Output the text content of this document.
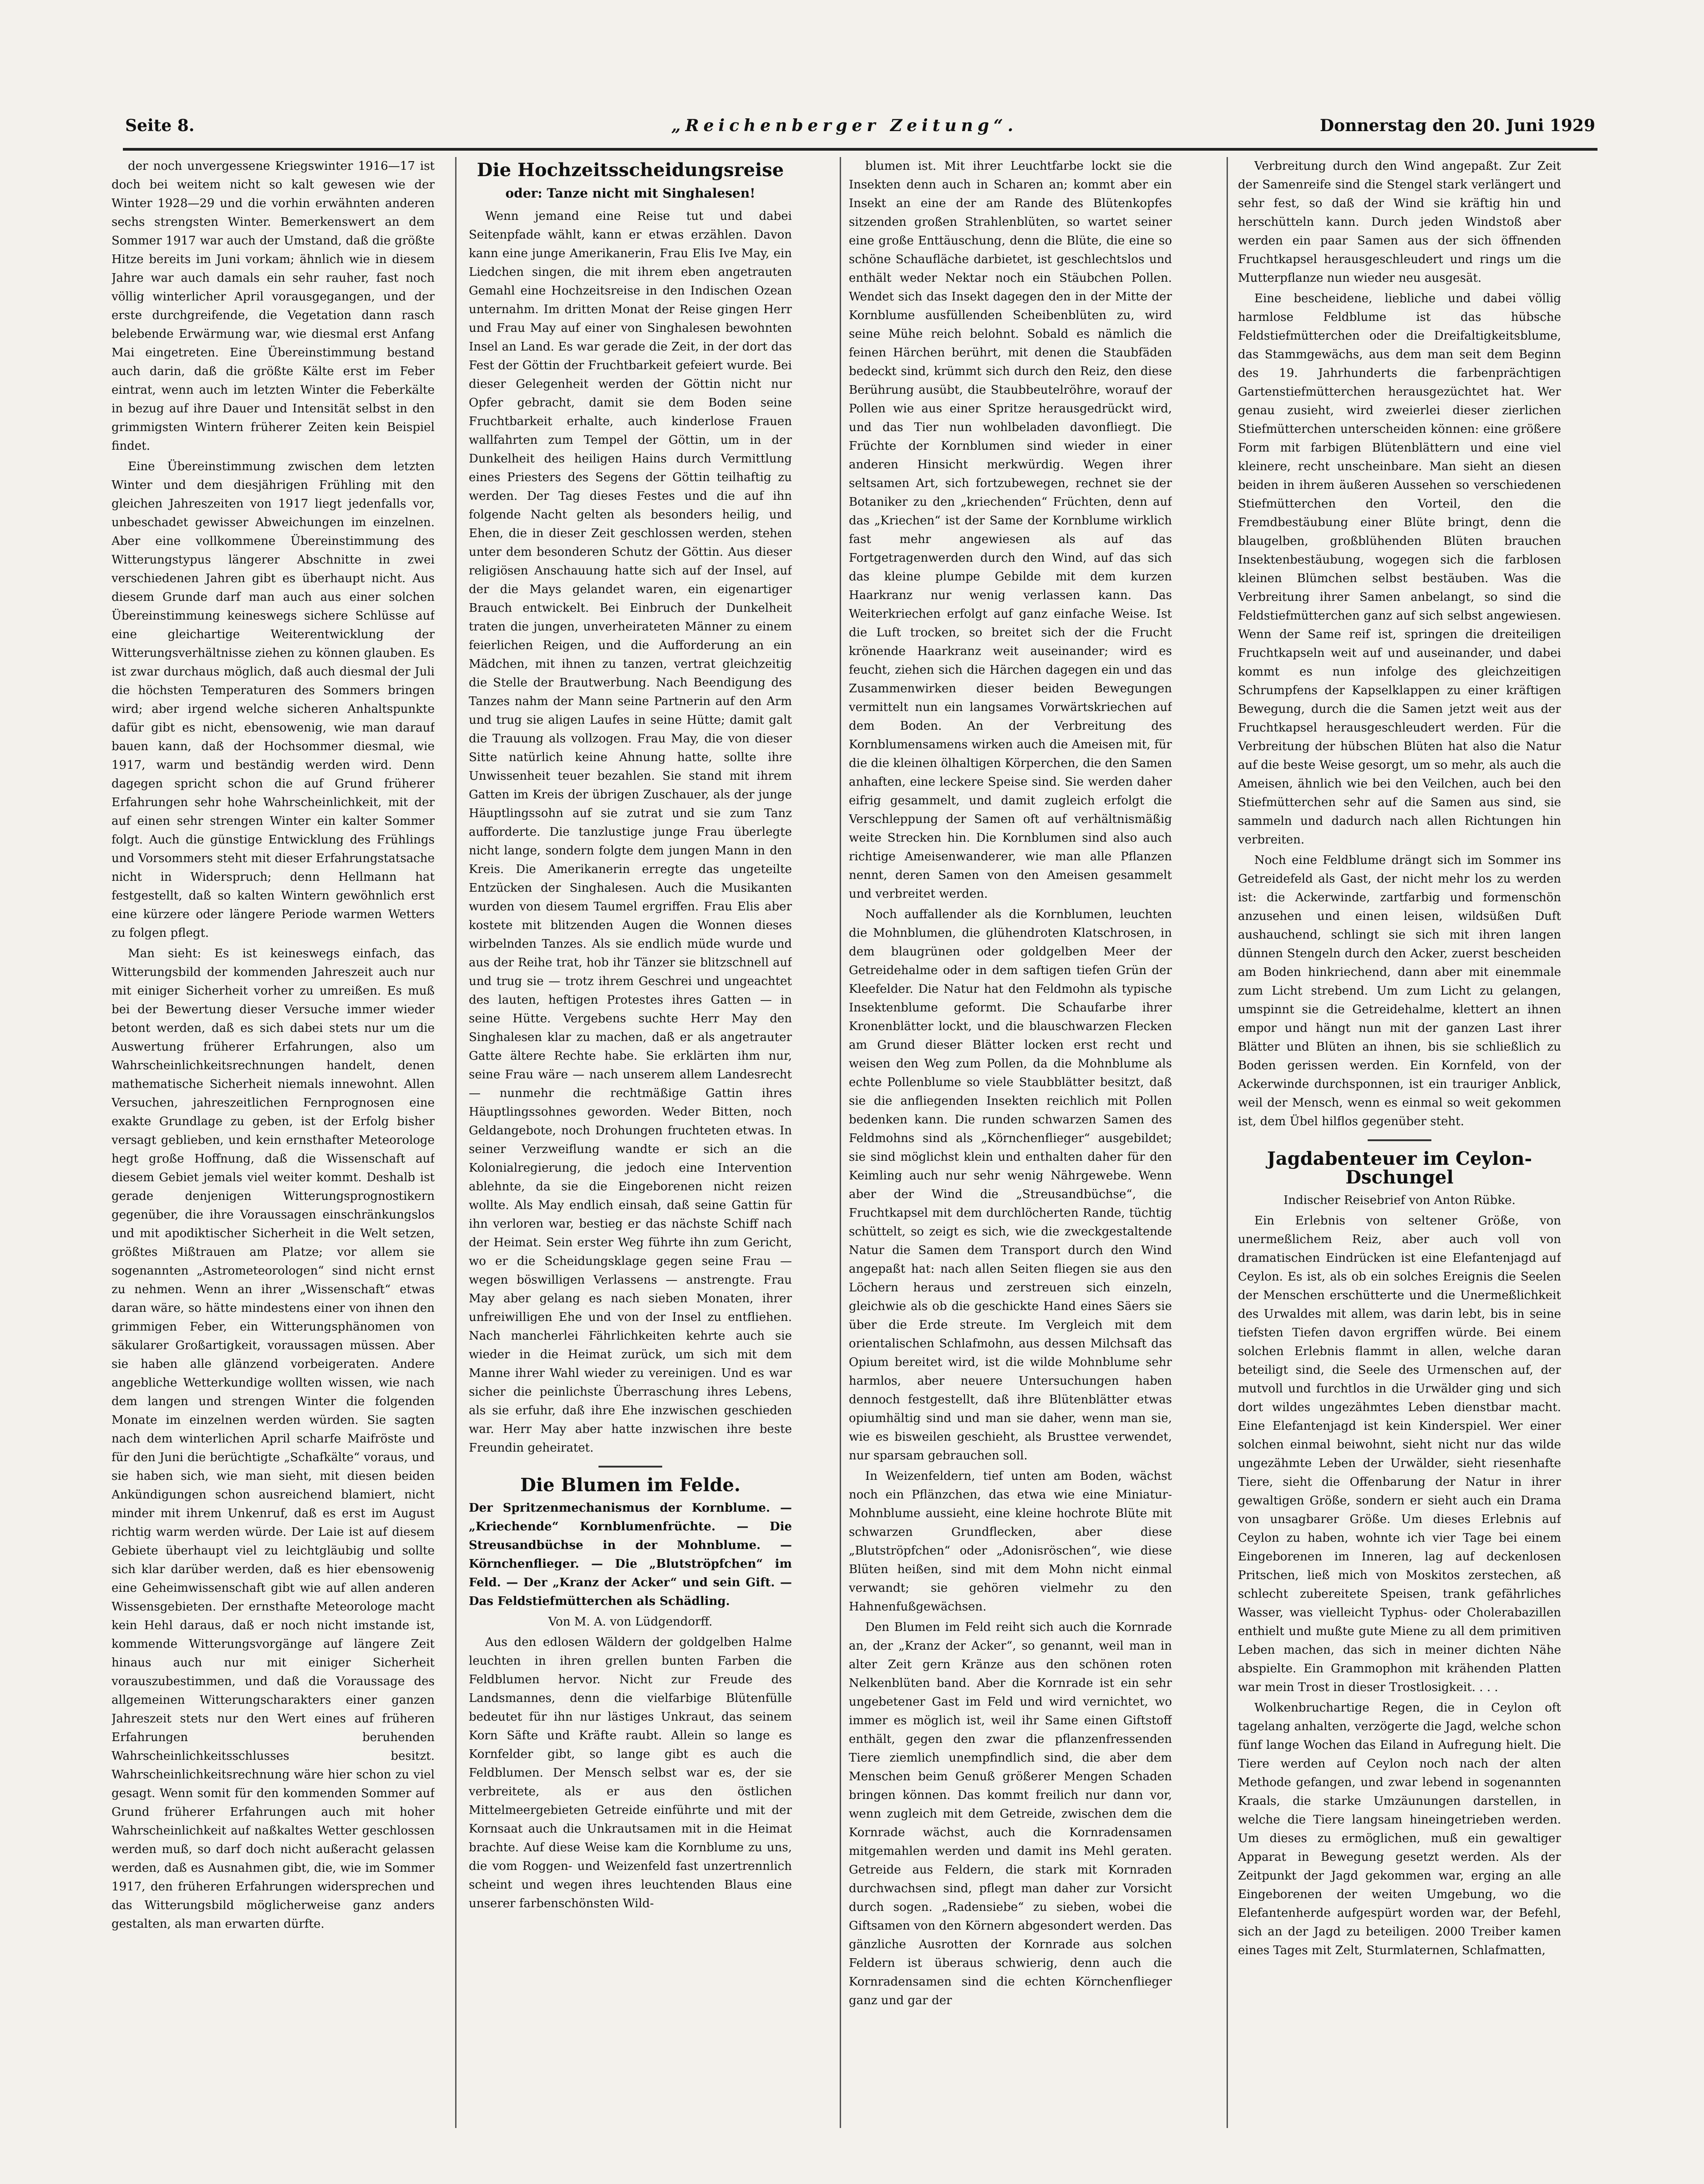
Seite 8.	„Reichenberger Zeitung“.	Donnerstag den 20. Juni 1929

der noch unvergessene Kriegswinter 1916—17 ist doch bei weitem nicht so kalt gewesen wie der Winter 1928—29 und die vorhin erwähnten anderen sechs strengsten Winter. Bemerkenswert an dem Sommer 1917 war auch der Umstand, daß die größte Hitze bereits im Juni vorkam; ähnlich wie in diesem Jahre war auch damals ein sehr rauher, fast noch völlig winterlicher April vorausgegangen, und der erste durchgreifende, die Vegetation dann rasch belebende Erwärmung war, wie diesmal erst Anfang Mai eingetreten. Eine Übereinstimmung bestand auch darin, daß die größte Kälte erst im Feber eintrat, wenn auch im letzten Winter die Feberkälte in bezug auf ihre Dauer und Intensität selbst in den grimmigsten Wintern früherer Zeiten kein Beispiel findet.

Eine Übereinstimmung zwischen dem letzten Winter und dem diesjährigen Frühling mit den gleichen Jahreszeiten von 1917 liegt jedenfalls vor, unbeschadet gewisser Abweichungen im einzelnen. Aber eine vollkommene Übereinstimmung des Witterungstypus längerer Abschnitte in zwei verschiedenen Jahren gibt es überhaupt nicht. Aus diesem Grunde darf man auch aus einer solchen Übereinstimmung keineswegs sichere Schlüsse auf eine gleichartige Weiterentwicklung der Witterungsverhältnisse ziehen zu können glauben. Es ist zwar durchaus möglich, daß auch diesmal der Juli die höchsten Temperaturen des Sommers bringen wird; aber irgend welche sicheren Anhaltspunkte dafür gibt es nicht, ebensowenig, wie man darauf bauen kann, daß der Hochsommer diesmal, wie 1917, warm und beständig werden wird. Denn dagegen spricht schon die auf Grund früherer Erfahrungen sehr hohe Wahrscheinlichkeit, mit der auf einen sehr strengen Winter ein kalter Sommer folgt. Auch die günstige Entwicklung des Frühlings und Vorsommers steht mit dieser Erfahrungstatsache nicht in Widerspruch; denn Hellmann hat festgestellt, daß so kalten Wintern gewöhnlich erst eine kürzere oder längere Periode warmen Wetters zu folgen pflegt.

Man sieht: Es ist keineswegs einfach, das Witterungsbild der kommenden Jahreszeit auch nur mit einiger Sicherheit vorher zu umreißen. Es muß bei der Bewertung dieser Versuche immer wieder betont werden, daß es sich dabei stets nur um die Auswertung früherer Erfahrungen, also um Wahrscheinlichkeitsrechnungen handelt, denen mathematische Sicherheit niemals innewohnt. Allen Versuchen, jahreszeitlichen Fernprognosen eine exakte Grundlage zu geben, ist der Erfolg bisher versagt geblieben, und kein ernsthafter Meteorologe hegt große Hoffnung, daß die Wissenschaft auf diesem Gebiet jemals viel weiter kommt. Deshalb ist gerade denjenigen Witterungsprognostikern gegenüber, die ihre Voraussagen einschränkungslos und mit apodiktischer Sicherheit in die Welt setzen, größtes Mißtrauen am Platze; vor allem sie sogenannten „Astrometeorologen“ sind nicht ernst zu nehmen. Wenn an ihrer „Wissenschaft“ etwas daran wäre, so hätte mindestens einer von ihnen den grimmigen Feber, ein Witterungsphänomen von säkularer Großartigkeit, voraussagen müssen. Aber sie haben alle glänzend vorbeigeraten. Andere angebliche Wetterkundige wollten wissen, wie nach dem langen und strengen Winter die folgenden Monate im einzelnen werden würden. Sie sagten nach dem winterlichen April scharfe Maifröste und für den Juni die berüchtigte „Schafkälte“ voraus, und sie haben sich, wie man sieht, mit diesen beiden Ankündigungen schon ausreichend blamiert, nicht minder mit ihrem Unkenruf, daß es erst im August richtig warm werden würde. Der Laie ist auf diesem Gebiete überhaupt viel zu leichtgläubig und sollte sich klar darüber werden, daß es hier ebensowenig eine Geheimwissenschaft gibt wie auf allen anderen Wissensgebieten. Der ernsthafte Meteorologe macht kein Hehl daraus, daß er noch nicht imstande ist, kommende Witterungsvorgänge auf längere Zeit hinaus auch nur mit einiger Sicherheit vorauszubestimmen, und daß die Voraussage des allgemeinen Witterungscharakters einer ganzen Jahreszeit stets nur den Wert eines auf früheren Erfahrungen beruhenden Wahrscheinlichkeitsschlusses besitzt. Wahrscheinlichkeitsrechnung wäre hier schon zu viel gesagt. Wenn somit für den kommenden Sommer auf Grund früherer Erfahrungen auch mit hoher Wahrscheinlichkeit auf naßkaltes Wetter geschlossen werden muß, so darf doch nicht außeracht gelassen werden, daß es Ausnahmen gibt, die, wie im Sommer 1917, den früheren Erfahrungen widersprechen und das Witterungsbild möglicherweise ganz anders gestalten, als man erwarten dürfte.

Die Hochzeitsscheidungsreise
oder: Tanze nicht mit Singhalesen!

Wenn jemand eine Reise tut und dabei Seitenpfade wählt, kann er etwas erzählen. Davon kann eine junge Amerikanerin, Frau Elis Ive May, ein Liedchen singen, die mit ihrem eben angetrauten Gemahl eine Hochzeitsreise in den Indischen Ozean unternahm. Im dritten Monat der Reise gingen Herr und Frau May auf einer von Singhalesen bewohnten Insel an Land. Es war gerade die Zeit, in der dort das Fest der Göttin der Fruchtbarkeit gefeiert wurde. Bei dieser Gelegenheit werden der Göttin nicht nur Opfer gebracht, damit sie dem Boden seine Fruchtbarkeit erhalte, auch kinderlose Frauen wallfahrten zum Tempel der Göttin, um in der Dunkelheit des heiligen Hains durch Vermittlung eines Priesters des Segens der Göttin teilhaftig zu werden. Der Tag dieses Festes und die auf ihn folgende Nacht gelten als besonders heilig, und Ehen, die in dieser Zeit geschlossen werden, stehen unter dem besonderen Schutz der Göttin. Aus dieser religiösen Anschauung hatte sich auf der Insel, auf der die Mays gelandet waren, ein eigenartiger Brauch entwickelt. Bei Einbruch der Dunkelheit traten die jungen, unverheirateten Männer zu einem feierlichen Reigen, und die Aufforderung an ein Mädchen, mit ihnen zu tanzen, vertrat gleichzeitig die Stelle der Brautwerbung. Nach Beendigung des Tanzes nahm der Mann seine Partnerin auf den Arm und trug sie aligen Laufes in seine Hütte; damit galt die Trauung als vollzogen. Frau May, die von dieser Sitte natürlich keine Ahnung hatte, sollte ihre Unwissenheit teuer bezahlen. Sie stand mit ihrem Gatten im Kreis der übrigen Zuschauer, als der junge Häuptlingssohn auf sie zutrat und sie zum Tanz aufforderte. Die tanzlustige junge Frau überlegte nicht lange, sondern folgte dem jungen Mann in den Kreis. Die Amerikanerin erregte das ungeteilte Entzücken der Singhalesen. Auch die Musikanten wurden von diesem Taumel ergriffen. Frau Elis aber kostete mit blitzenden Augen die Wonnen dieses wirbelnden Tanzes. Als sie endlich müde wurde und aus der Reihe trat, hob ihr Tänzer sie blitzschnell auf und trug sie — trotz ihrem Geschrei und ungeachtet des lauten, heftigen Protestes ihres Gatten — in seine Hütte. Vergebens suchte Herr May den Singhalesen klar zu machen, daß er als angetrauter Gatte ältere Rechte habe. Sie erklärten ihm nur, seine Frau wäre — nach unserem allem Landesrecht — nunmehr die rechtmäßige Gattin ihres Häuptlingssohnes geworden. Weder Bitten, noch Geldangebote, noch Drohungen fruchteten etwas. In seiner Verzweiflung wandte er sich an die Kolonialregierung, die jedoch eine Intervention ablehnte, da sie die Eingeborenen nicht reizen wollte. Als May endlich einsah, daß seine Gattin für ihn verloren war, bestieg er das nächste Schiff nach der Heimat. Sein erster Weg führte ihn zum Gericht, wo er die Scheidungsklage gegen seine Frau — wegen böswilligen Verlassens — anstrengte. Frau May aber gelang es nach sieben Monaten, ihrer unfreiwilligen Ehe und von der Insel zu entfliehen. Nach mancherlei Fährlichkeiten kehrte auch sie wieder in die Heimat zurück, um sich mit dem Manne ihrer Wahl wieder zu vereinigen. Und es war sicher die peinlichste Überraschung ihres Lebens, als sie erfuhr, daß ihre Ehe inzwischen geschieden war. Herr May aber hatte inzwischen ihre beste Freundin geheiratet.

Die Blumen im Felde.

Der Spritzenmechanismus der Kornblume. — „Kriechende“ Kornblumenfrüchte. — Die Streusandbüchse in der Mohnblume. — Körnchenflieger. — Die „Blutströpfchen“ im Feld. — Der „Kranz der Acker“ und sein Gift. — Das Feldstiefmütterchen als Schädling.

Von M. A. von Lüdgendorff.

Aus den edlosen Wäldern der goldgelben Halme leuchten in ihren grellen bunten Farben die Feldblumen hervor. Nicht zur Freude des Landsmannes, denn die vielfarbige Blütenfülle bedeutet für ihn nur lästiges Unkraut, das seinem Korn Säfte und Kräfte raubt. Allein so lange es Kornfelder gibt, so lange gibt es auch die Feldblumen. Der Mensch selbst war es, der sie verbreitete, als er aus den östlichen Mittelmeergebieten Getreide einführte und mit der Kornsaat auch die Unkrautsamen mit in die Heimat brachte. Auf diese Weise kam die Kornblume zu uns, die vom Roggen- und Weizenfeld fast unzertrennlich scheint und wegen ihres leuchtenden Blaus eine unserer farbenschönsten Wild-

blumen ist. Mit ihrer Leuchtfarbe lockt sie die Insekten denn auch in Scharen an; kommt aber ein Insekt an eine der am Rande des Blütenkopfes sitzenden großen Strahlenblüten, so wartet seiner eine große Enttäuschung, denn die Blüte, die eine so schöne Schaufläche darbietet, ist geschlechtslos und enthält weder Nektar noch ein Stäubchen Pollen. Wendet sich das Insekt dagegen den in der Mitte der Kornblume ausfüllenden Scheibenblüten zu, wird seine Mühe reich belohnt. Sobald es nämlich die feinen Härchen berührt, mit denen die Staubfäden bedeckt sind, krümmt sich durch den Reiz, den diese Berührung ausübt, die Staubbeutelröhre, worauf der Pollen wie aus einer Spritze herausgedrückt wird, und das Tier nun wohlbeladen davonfliegt. Die Früchte der Kornblumen sind wieder in einer anderen Hinsicht merkwürdig. Wegen ihrer seltsamen Art, sich fortzubewegen, rechnet sie der Botaniker zu den „kriechenden“ Früchten, denn auf das „Kriechen“ ist der Same der Kornblume wirklich fast mehr angewiesen als auf das Fortgetragenwerden durch den Wind, auf das sich das kleine plumpe Gebilde mit dem kurzen Haarkranz nur wenig verlassen kann. Das Weiterkriechen erfolgt auf ganz einfache Weise. Ist die Luft trocken, so breitet sich der die Frucht krönende Haarkranz weit auseinander; wird es feucht, ziehen sich die Härchen dagegen ein und das Zusammenwirken dieser beiden Bewegungen vermittelt nun ein langsames Vorwärtskriechen auf dem Boden. An der Verbreitung des Kornblumensamens wirken auch die Ameisen mit, für die die kleinen ölhaltigen Körperchen, die den Samen anhaften, eine leckere Speise sind. Sie werden daher eifrig gesammelt, und damit zugleich erfolgt die Verschleppung der Samen oft auf verhältnismäßig weite Strecken hin. Die Kornblumen sind also auch richtige Ameisenwanderer, wie man alle Pflanzen nennt, deren Samen von den Ameisen gesammelt und verbreitet werden.

Noch auffallender als die Kornblumen, leuchten die Mohnblumen, die glühendroten Klatschrosen, in dem blaugrünen oder goldgelben Meer der Getreidehalme oder in dem saftigen tiefen Grün der Kleefelder. Die Natur hat den Feldmohn als typische Insektenblume geformt. Die Schaufarbe ihrer Kronenblätter lockt, und die blauschwarzen Flecken am Grund dieser Blätter locken erst recht und weisen den Weg zum Pollen, da die Mohnblume als echte Pollenblume so viele Staubblätter besitzt, daß sie die anfliegenden Insekten reichlich mit Pollen bedenken kann. Die runden schwarzen Samen des Feldmohns sind als „Körnchenflieger“ ausgebildet; sie sind möglichst klein und enthalten daher für den Keimling auch nur sehr wenig Nährgewebe. Wenn aber der Wind die „Streusandbüchse“, die Fruchtkapsel mit dem durchlöcherten Rande, tüchtig schüttelt, so zeigt es sich, wie die zweckgestaltende Natur die Samen dem Transport durch den Wind angepaßt hat: nach allen Seiten fliegen sie aus den Löchern heraus und zerstreuen sich einzeln, gleichwie als ob die geschickte Hand eines Säers sie über die Erde streute. Im Vergleich mit dem orientalischen Schlafmohn, aus dessen Milchsaft das Opium bereitet wird, ist die wilde Mohnblume sehr harmlos, aber neuere Untersuchungen haben dennoch festgestellt, daß ihre Blütenblätter etwas opiumhältig sind und man sie daher, wenn man sie, wie es bisweilen geschieht, als Brusttee verwendet, nur sparsam gebrauchen soll.

In Weizenfeldern, tief unten am Boden, wächst noch ein Pflänzchen, das etwa wie eine Miniatur-Mohnblume aussieht, eine kleine hochrote Blüte mit schwarzen Grundflecken, aber diese „Blutströpfchen“ oder „Adonisröschen“, wie diese Blüten heißen, sind mit dem Mohn nicht einmal verwandt; sie gehören vielmehr zu den Hahnenfußgewächsen.

Den Blumen im Feld reiht sich auch die Kornrade an, der „Kranz der Acker“, so genannt, weil man in alter Zeit gern Kränze aus den schönen roten Nelkenblüten band. Aber die Kornrade ist ein sehr ungebetener Gast im Feld und wird vernichtet, wo immer es möglich ist, weil ihr Same einen Giftstoff enthält, gegen den zwar die pflanzenfressenden Tiere ziemlich unempfindlich sind, die aber dem Menschen beim Genuß größerer Mengen Schaden bringen können. Das kommt freilich nur dann vor, wenn zugleich mit dem Getreide, zwischen dem die Kornrade wächst, auch die Kornradensamen mitgemahlen werden und damit ins Mehl geraten. Getreide aus Feldern, die stark mit Kornraden durchwachsen sind, pflegt man daher zur Vorsicht durch sogen. „Radensiebe“ zu sieben, wobei die Giftsamen von den Körnern abgesondert werden. Das gänzliche Ausrotten der Kornrade aus solchen Feldern ist überaus schwierig, denn auch die Kornradensamen sind die echten Körnchenflieger ganz und gar der

Verbreitung durch den Wind angepaßt. Zur Zeit der Samenreife sind die Stengel stark verlängert und sehr fest, so daß der Wind sie kräftig hin und herschütteln kann. Durch jeden Windstoß aber werden ein paar Samen aus der sich öffnenden Fruchtkapsel herausgeschleudert und rings um die Mutterpflanze nun wieder neu ausgesät.

Eine bescheidene, liebliche und dabei völlig harmlose Feldblume ist das hübsche Feldstiefmütterchen oder die Dreifaltigkeitsblume, das Stammgewächs, aus dem man seit dem Beginn des 19. Jahrhunderts die farbenprächtigen Gartenstiefmütterchen herausgezüchtet hat. Wer genau zusieht, wird zweierlei dieser zierlichen Stiefmütterchen unterscheiden können: eine größere Form mit farbigen Blütenblättern und eine viel kleinere, recht unscheinbare. Man sieht an diesen beiden in ihrem äußeren Aussehen so verschiedenen Stiefmütterchen den Vorteil, den die Fremdbestäubung einer Blüte bringt, denn die blaugelben, großblühenden Blüten brauchen Insektenbestäubung, wogegen sich die farblosen kleinen Blümchen selbst bestäuben. Was die Verbreitung ihrer Samen anbelangt, so sind die Feldstiefmütterchen ganz auf sich selbst angewiesen. Wenn der Same reif ist, springen die dreiteiligen Fruchtkapseln weit auf und auseinander, und dabei kommt es nun infolge des gleichzeitigen Schrumpfens der Kapselklappen zu einer kräftigen Bewegung, durch die die Samen jetzt weit aus der Fruchtkapsel herausgeschleudert werden. Für die Verbreitung der hübschen Blüten hat also die Natur auf die beste Weise gesorgt, um so mehr, als auch die Ameisen, ähnlich wie bei den Veilchen, auch bei den Stiefmütterchen sehr auf die Samen aus sind, sie sammeln und dadurch nach allen Richtungen hin verbreiten.

Noch eine Feldblume drängt sich im Sommer ins Getreidefeld als Gast, der nicht mehr los zu werden ist: die Ackerwinde, zartfarbig und formenschön anzusehen und einen leisen, wildsüßen Duft aushauchend, schlingt sie sich mit ihren langen dünnen Stengeln durch den Acker, zuerst bescheiden am Boden hinkriechend, dann aber mit einemmale zum Licht strebend. Um zum Licht zu gelangen, umspinnt sie die Getreidehalme, klettert an ihnen empor und hängt nun mit der ganzen Last ihrer Blätter und Blüten an ihnen, bis sie schließlich zu Boden gerissen werden. Ein Kornfeld, von der Ackerwinde durchsponnen, ist ein trauriger Anblick, weil der Mensch, wenn es einmal so weit gekommen ist, dem Übel hilflos gegenüber steht.

Jagdabenteuer im Ceylon-Dschungel

Indischer Reisebrief von Anton Rübke.

Ein Erlebnis von seltener Größe, von unermeßlichem Reiz, aber auch voll von dramatischen Eindrücken ist eine Elefantenjagd auf Ceylon. Es ist, als ob ein solches Ereignis die Seelen der Menschen erschütterte und die Unermeßlichkeit des Urwaldes mit allem, was darin lebt, bis in seine tiefsten Tiefen davon ergriffen würde. Bei einem solchen Erlebnis flammt in allen, welche daran beteiligt sind, die Seele des Urmenschen auf, der mutvoll und furchtlos in die Urwälder ging und sich dort wildes ungezähmtes Leben dienstbar macht. Eine Elefantenjagd ist kein Kinderspiel. Wer einer solchen einmal beiwohnt, sieht nicht nur das wilde ungezähmte Leben der Urwälder, sieht riesenhafte Tiere, sieht die Offenbarung der Natur in ihrer gewaltigen Größe, sondern er sieht auch ein Drama von unsagbarer Größe. Um dieses Erlebnis auf Ceylon zu haben, wohnte ich vier Tage bei einem Eingeborenen im Inneren, lag auf deckenlosen Pritschen, ließ mich von Moskitos zerstechen, aß schlecht zubereitete Speisen, trank gefährliches Wasser, was vielleicht Typhus- oder Cholerabazillen enthielt und mußte gute Miene zu all dem primitiven Leben machen, das sich in meiner dichten Nähe abspielte. Ein Grammophon mit krähenden Platten war mein Trost in dieser Trostlosigkeit. . . .

Wolkenbruchartige Regen, die in Ceylon oft tagelang anhalten, verzögerte die Jagd, welche schon fünf lange Wochen das Eiland in Aufregung hielt. Die Tiere werden auf Ceylon noch nach der alten Methode gefangen, und zwar lebend in sogenannten Kraals, die starke Umzäunungen darstellen, in welche die Tiere langsam hineingetrieben werden. Um dieses zu ermöglichen, muß ein gewaltiger Apparat in Bewegung gesetzt werden. Als der Zeitpunkt der Jagd gekommen war, erging an alle Eingeborenen der weiten Umgebung, wo die Elefantenherde aufgespürt worden war, der Befehl, sich an der Jagd zu beteiligen. 2000 Treiber kamen eines Tages mit Zelt, Sturmlaternen, Schlafmatten,
